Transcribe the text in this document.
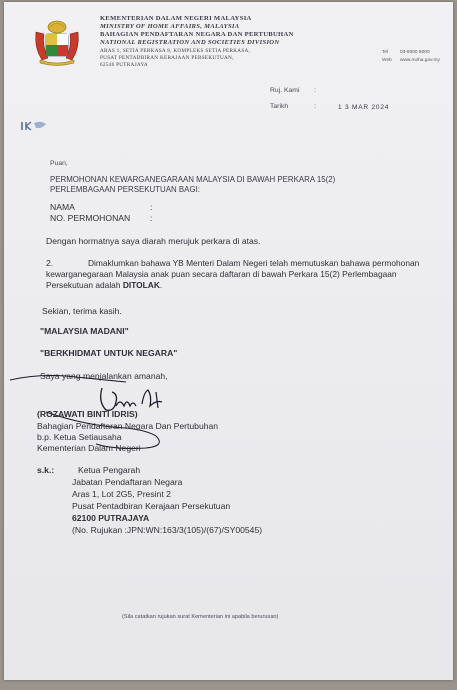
KEMENTERIAN DALAM NEGERI MALAYSIA
MINISTRY OF HOME AFFAIRS, MALAYSIA
BAHAGIAN PENDAFTARAN NEGARA DAN PERTUBUHAN
NATIONAL REGISTRATION AND SOCIETIES DIVISION
ARAS 1, SETIA PERKASA 8, KOMPLEKS SETIA PERKASA,
PUSAT PENTADBIRAN KERAJAAN PERSEKUTUAN,
62546 PUTRAJAYA
Tel 03-8000 8000
Web www.moha.gov.my
Ruj. Kami :
Tarikh	:	1 3 MAR 2024
Puan,
PERMOHONAN KEWARGANEGARAAN MALAYSIA DI BAWAH PERKARA 15(2)
PERLEMBAGAAN PERSEKUTUAN BAGI:
NAMA	:
NO. PERMOHONAN :
Dengan hormatnya saya diarah merujuk perkara di atas.
2.	Dimaklumkan bahawa YB Menteri Dalam Negeri telah memutuskan bahawa permohonan kewarganegaraan Malaysia anak puan secara daftaran di bawah Perkara 15(2) Perlembagaan Persekutuan adalah DITOLAK.
Sekian, terima kasih.
"MALAYSIA MADANI"
"BERKHIDMAT UNTUK NEGARA"
Saya yang menjalankan amanah,
(ROZAWATI BINTI IDRIS)
Bahagian Pendaftaran Negara Dan Pertubuhan
b.p. Ketua Setiausaha
Kementerian Dalam Negeri
s.k.:	Ketua Pengarah
Jabatan Pendaftaran Negara
Aras 1, Lot 2G5, Presint 2
Pusat Pentadbiran Kerajaan Persekutuan
62100 PUTRAJAYA
(No. Rujukan :JPN:WN:163/3(105)/(67)/SY00545)
(Sila catatkan rujukan surat Kementerian ini apabila berurusan)
